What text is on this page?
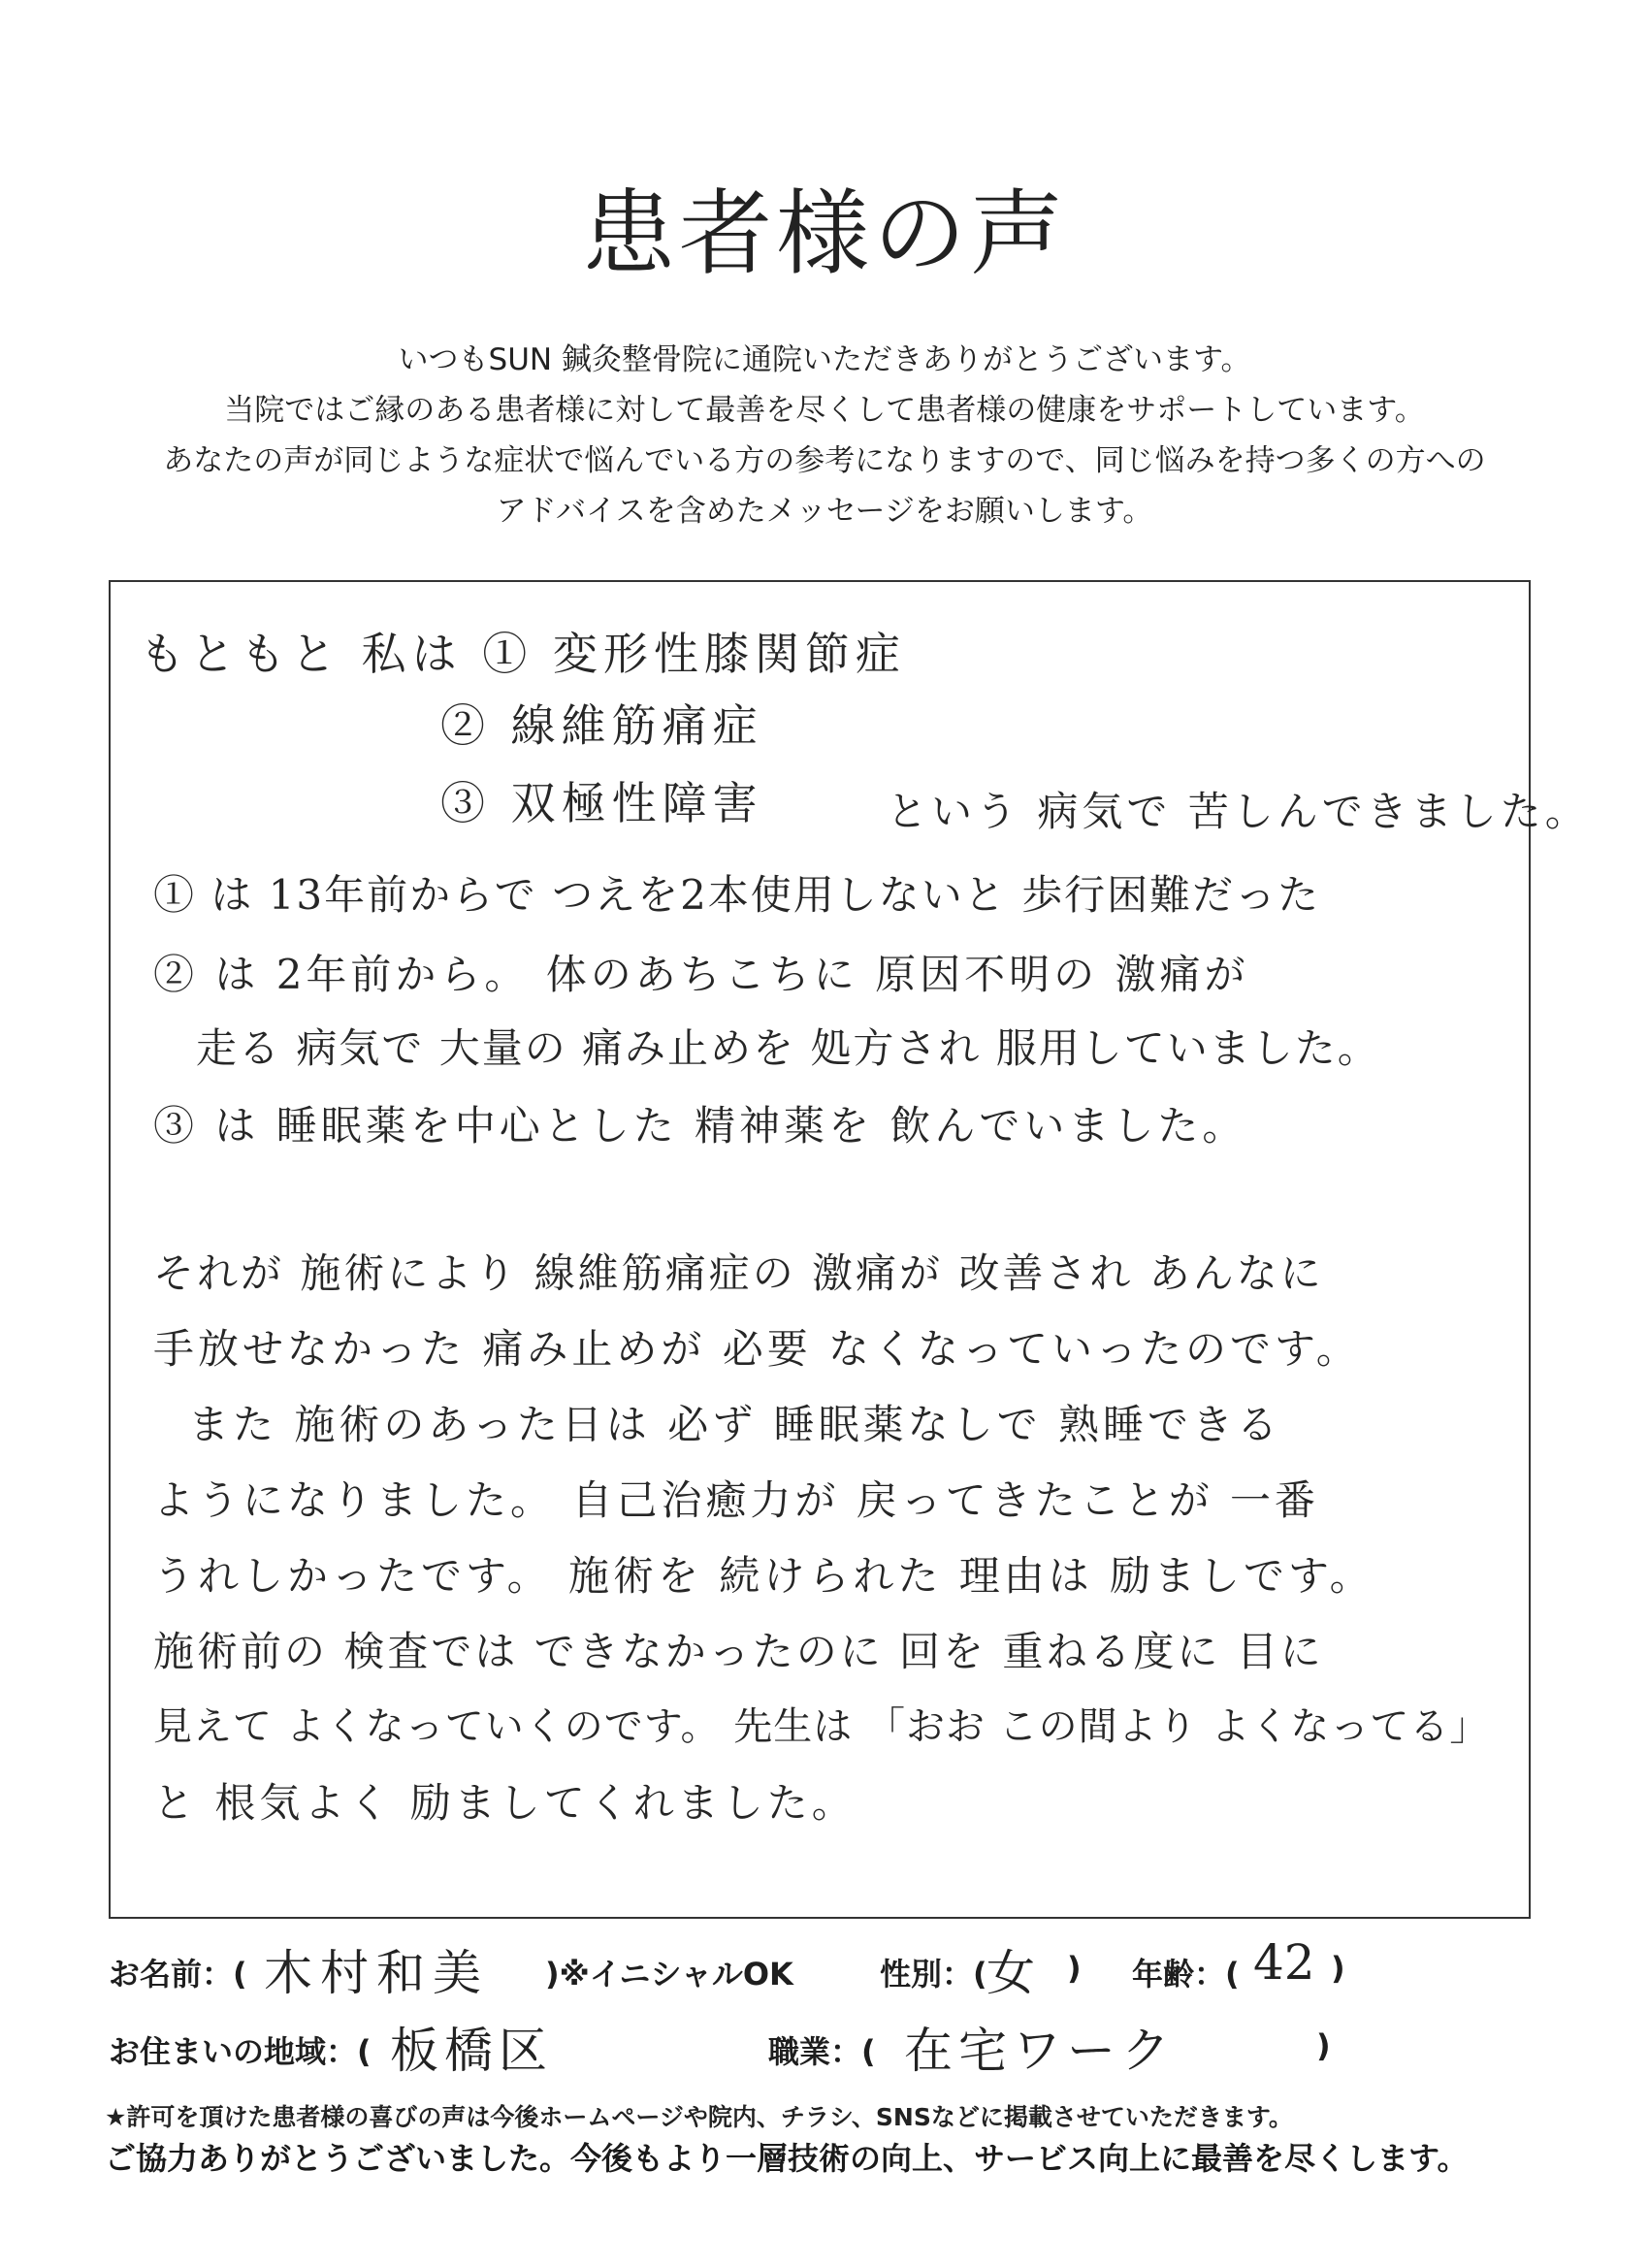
患者様の声
いつもSUN 鍼灸整骨院に通院いただきありがとうございます。
当院ではご縁のある患者様に対して最善を尽くして患者様の健康をサポートしています。
あなたの声が同じような症状で悩んでいる方の参考になりますので、同じ悩みを持つ多くの方への
アドバイスを含めたメッセージをお願いします。
もともと 私は ① 変形性膝関節症
② 線維筋痛症
③ 双極性障害	という 病気で 苦しんできました。
① は 13年前からで つえを2本使用しないと 歩行困難だった
② は 2年前から。 体のあちこちに 原因不明の 激痛が
走る 病気で 大量の 痛み止めを 処方され 服用していました。
③ は 睡眠薬を中心とした 精神薬を 飲んでいました。
それが 施術により 線維筋痛症の 激痛が 改善され あんなに
手放せなかった 痛み止めが 必要 なくなっていったのです。
また 施術のあった日は 必ず 睡眠薬なしで 熟睡できる
ようになりました。 自己治癒力が 戻ってきたことが 一番
うれしかったです。 施術を 続けられた 理由は 励ましです。
施術前の 検査では できなかったのに 回を 重ねる度に 目に
見えて よくなっていくのです。 先生は 「おお この間より よくなってる」
と 根気よく 励ましてくれました。
お名前：( 木村和美 )※イニシャルOK	性別：( 女 ) 年齢：( 42 )
お住まいの地域：( 板橋区	職業：( 在宅ワーク	)
★許可を頂けた患者様の喜びの声は今後ホームページや院内、チラシ、SNSなどに掲載させていただきます。
ご協力ありがとうございました。今後もより一層技術の向上、サービス向上に最善を尽くします。
